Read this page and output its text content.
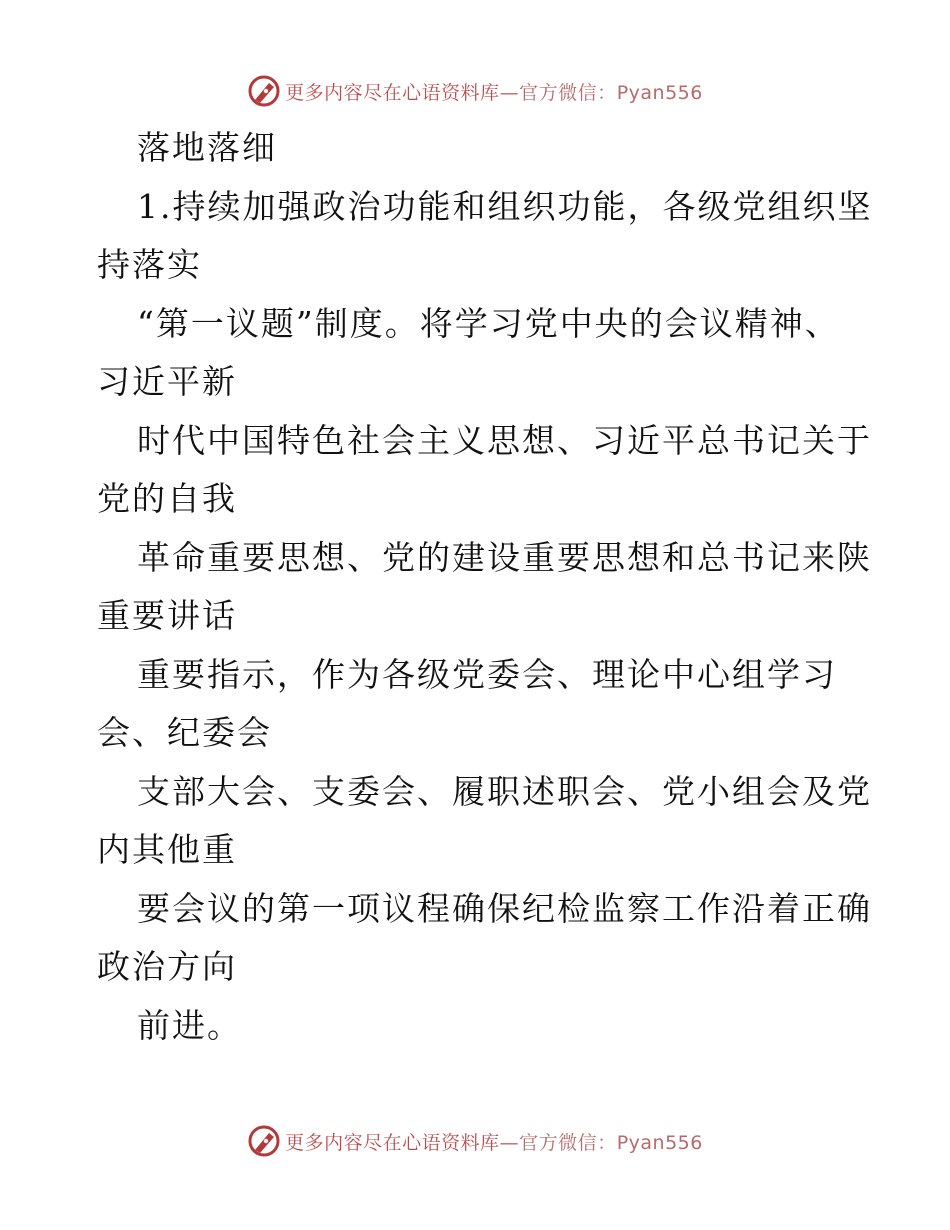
更多内容尽在心语资料库—官方微信：Pyan556
落地落细
1.持续加强政治功能和组织功能，各级党组织坚
持落实
“第一议题”制度。将学习党中央的会议精神、
习近平新
时代中国特色社会主义思想、习近平总书记关于
党的自我
革命重要思想、党的建设重要思想和总书记来陕
重要讲话
重要指示，作为各级党委会、理论中心组学习
会、纪委会
支部大会、支委会、履职述职会、党小组会及党
内其他重
要会议的第一项议程确保纪检监察工作沿着正确
政治方向
前进。
更多内容尽在心语资料库—官方微信：Pyan556
